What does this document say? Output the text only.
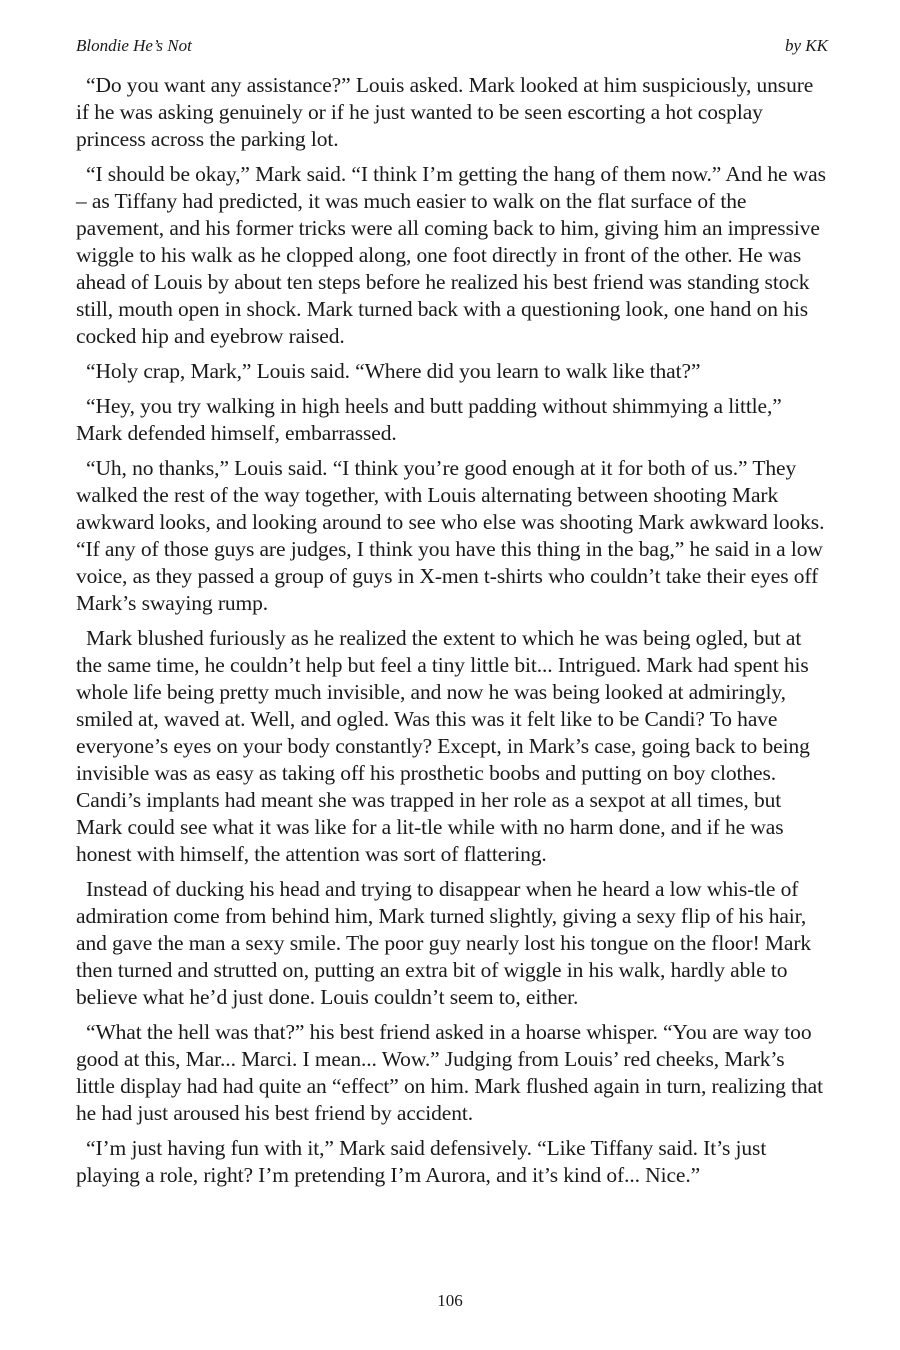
Blondie He’s Not	by KK

“Do you want any assistance?” Louis asked. Mark looked at him suspiciously, unsure if he was asking genuinely or if he just wanted to be seen escorting a hot cosplay princess across the parking lot.

“I should be okay,” Mark said. “I think I’m getting the hang of them now.” And he was – as Tiffany had predicted, it was much easier to walk on the flat surface of the pavement, and his former tricks were all coming back to him, giving him an impressive wiggle to his walk as he clopped along, one foot directly in front of the other. He was ahead of Louis by about ten steps before he realized his best friend was standing stock still, mouth open in shock. Mark turned back with a questioning look, one hand on his cocked hip and eyebrow raised.

“Holy crap, Mark,” Louis said. “Where did you learn to walk like that?”

“Hey, you try walking in high heels and butt padding without shimmying a little,” Mark defended himself, embarrassed.

“Uh, no thanks,” Louis said. “I think you’re good enough at it for both of us.” They walked the rest of the way together, with Louis alternating between shooting Mark awkward looks, and looking around to see who else was shooting Mark awkward looks. “If any of those guys are judges, I think you have this thing in the bag,” he said in a low voice, as they passed a group of guys in X-men t-shirts who couldn’t take their eyes off Mark’s swaying rump.

Mark blushed furiously as he realized the extent to which he was being ogled, but at the same time, he couldn’t help but feel a tiny little bit... Intrigued. Mark had spent his whole life being pretty much invisible, and now he was being looked at admiringly, smiled at, waved at. Well, and ogled. Was this was it felt like to be Candi? To have everyone’s eyes on your body constantly? Except, in Mark’s case, going back to being invisible was as easy as taking off his prosthetic boobs and putting on boy clothes. Candi’s implants had meant she was trapped in her role as a sexpot at all times, but Mark could see what it was like for a lit-tle while with no harm done, and if he was honest with himself, the attention was sort of flattering.

Instead of ducking his head and trying to disappear when he heard a low whis-tle of admiration come from behind him, Mark turned slightly, giving a sexy flip of his hair, and gave the man a sexy smile. The poor guy nearly lost his tongue on the floor! Mark then turned and strutted on, putting an extra bit of wiggle in his walk, hardly able to believe what he’d just done. Louis couldn’t seem to, either.

“What the hell was that?” his best friend asked in a hoarse whisper. “You are way too good at this, Mar... Marci. I mean... Wow.” Judging from Louis’ red cheeks, Mark’s little display had had quite an “effect” on him. Mark flushed again in turn, realizing that he had just aroused his best friend by accident.

“I’m just having fun with it,” Mark said defensively. “Like Tiffany said. It’s just playing a role, right? I’m pretending I’m Aurora, and it’s kind of... Nice.”

106
